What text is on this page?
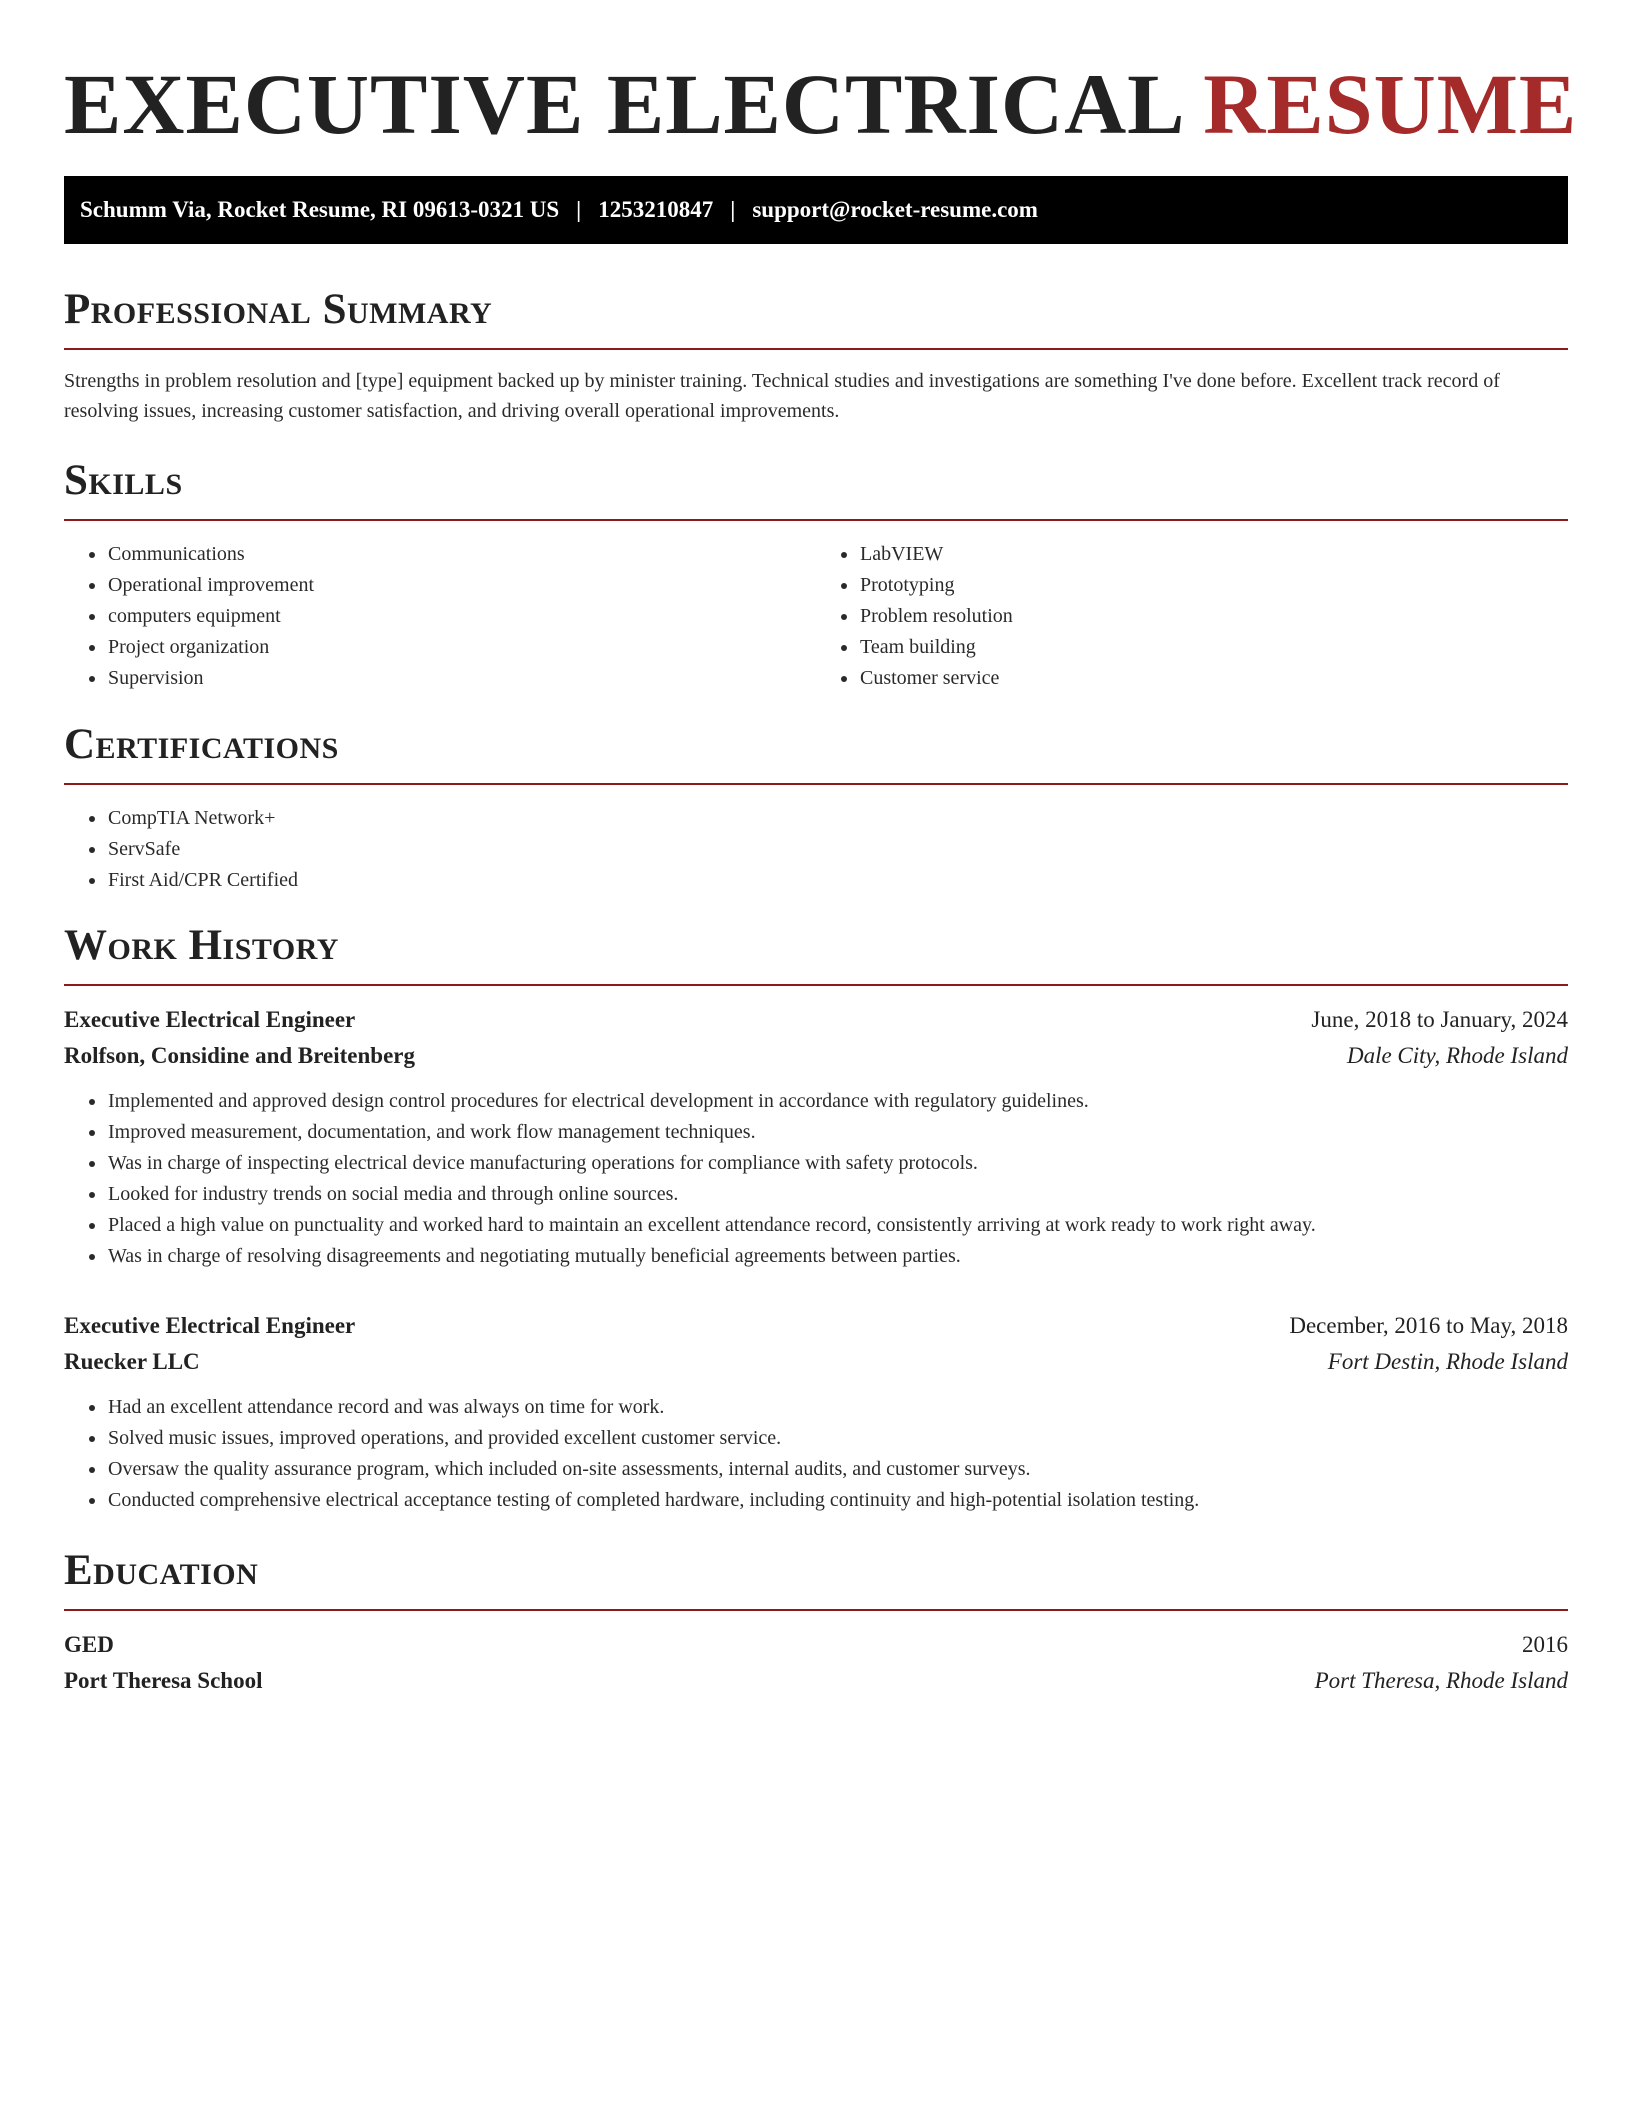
EXECUTIVE ELECTRICAL RESUME
Schumm Via, Rocket Resume, RI 09613-0321 US | 1253210847 | support@rocket-resume.com
Professional Summary

Strengths in problem resolution and [type] equipment backed up by minister training. Technical studies and investigations are something I've done before. Excellent track record of resolving issues, increasing customer satisfaction, and driving overall operational improvements.

Skills
• Communications
• Operational improvement
• computers equipment
• Project organization
• Supervision
• LabVIEW
• Prototyping
• Problem resolution
• Team building
• Customer service
Certifications
• CompTIA Network+
• ServSafe
• First Aid/CPR Certified
Work History
Executive Electrical Engineer	June, 2018 to January, 2024
Rolfson, Considine and Breitenberg	Dale City, Rhode Island
• Implemented and approved design control procedures for electrical development in accordance with regulatory guidelines.
• Improved measurement, documentation, and work flow management techniques.
• Was in charge of inspecting electrical device manufacturing operations for compliance with safety protocols.
• Looked for industry trends on social media and through online sources.
• Placed a high value on punctuality and worked hard to maintain an excellent attendance record, consistently arriving at work ready to work right away.
• Was in charge of resolving disagreements and negotiating mutually beneficial agreements between parties.
Executive Electrical Engineer	December, 2016 to May, 2018
Ruecker LLC	Fort Destin, Rhode Island
• Had an excellent attendance record and was always on time for work.
• Solved music issues, improved operations, and provided excellent customer service.
• Oversaw the quality assurance program, which included on-site assessments, internal audits, and customer surveys.
• Conducted comprehensive electrical acceptance testing of completed hardware, including continuity and high-potential isolation testing.
Education
GED	2016
Port Theresa School	Port Theresa, Rhode Island
